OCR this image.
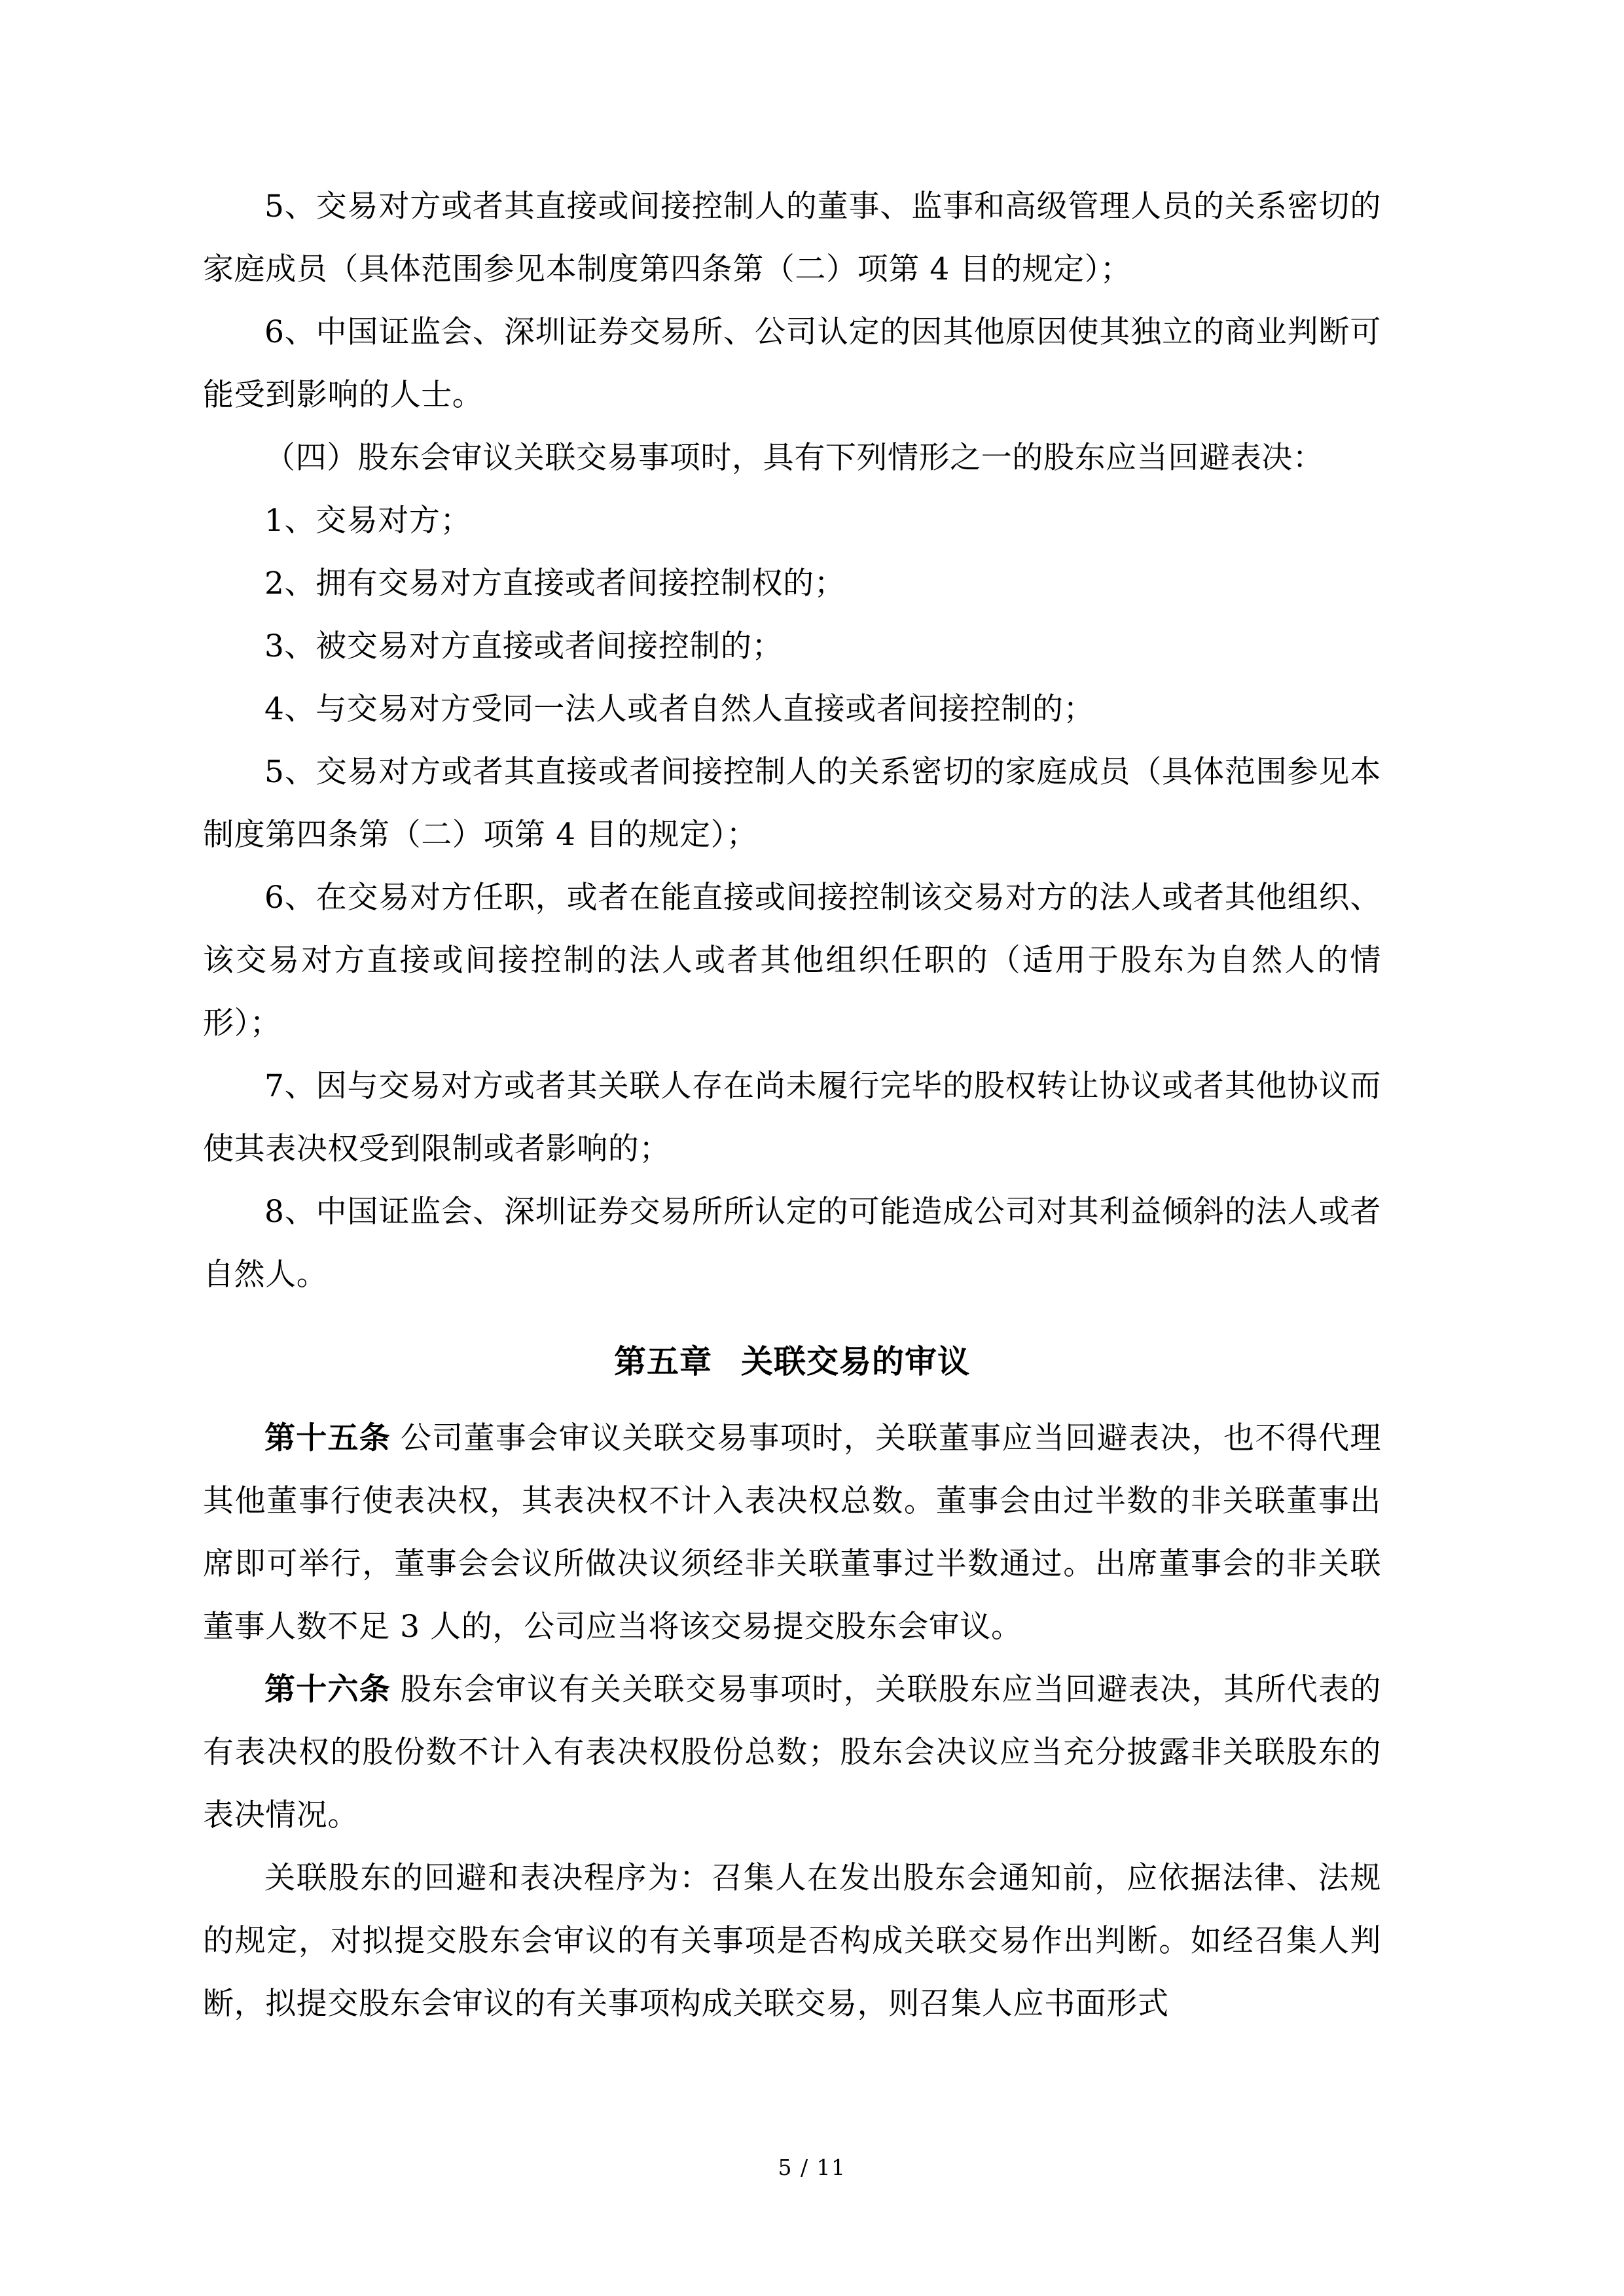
5、交易对方或者其直接或间接控制人的董事、监事和高级管理人员的关系密切的家庭成员（具体范围参见本制度第四条第（二）项第 4 目的规定）；

6、中国证监会、深圳证券交易所、公司认定的因其他原因使其独立的商业判断可能受到影响的人士。

（四）股东会审议关联交易事项时，具有下列情形之一的股东应当回避表决：

1、交易对方；

2、拥有交易对方直接或者间接控制权的；

3、被交易对方直接或者间接控制的；

4、与交易对方受同一法人或者自然人直接或者间接控制的；

5、交易对方或者其直接或者间接控制人的关系密切的家庭成员（具体范围参见本制度第四条第（二）项第 4 目的规定）；

6、在交易对方任职，或者在能直接或间接控制该交易对方的法人或者其他组织、该交易对方直接或间接控制的法人或者其他组织任职的（适用于股东为自然人的情形）；

7、因与交易对方或者其关联人存在尚未履行完毕的股权转让协议或者其他协议而使其表决权受到限制或者影响的；

8、中国证监会、深圳证券交易所所认定的可能造成公司对其利益倾斜的法人或者自然人。

第五章 关联交易的审议

第十五条 公司董事会审议关联交易事项时，关联董事应当回避表决，也不得代理其他董事行使表决权，其表决权不计入表决权总数。董事会由过半数的非关联董事出席即可举行，董事会会议所做决议须经非关联董事过半数通过。出席董事会的非关联董事人数不足 3 人的，公司应当将该交易提交股东会审议。

第十六条 股东会审议有关关联交易事项时，关联股东应当回避表决，其所代表的有表决权的股份数不计入有表决权股份总数；股东会决议应当充分披露非关联股东的表决情况。

关联股东的回避和表决程序为：召集人在发出股东会通知前，应依据法律、法规的规定，对拟提交股东会审议的有关事项是否构成关联交易作出判断。如经召集人判断，拟提交股东会审议的有关事项构成关联交易，则召集人应书面形式

5 / 11
